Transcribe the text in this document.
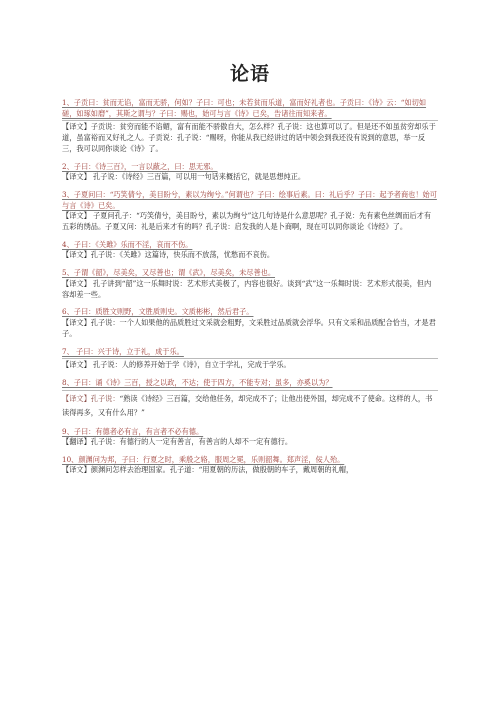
论语
1、子贡曰：贫而无谄，富而无骄，何如？子曰：可也；未若贫而乐道，富而好礼者也。子贡曰：《诗》云：“如切如磋，如琢如磨”，其斯之谓与？子曰：赐也，始可与言《诗》已矣，告诸往而知来者。
【译文】子贡说：贫穷而能不谄媚，富有而能不骄傲自大，怎么样？孔子说：这也算可以了。但是还不如虽贫穷却乐于道，虽富裕而又好礼之人。子贡说：孔子说：“赐呀，你能从我已经讲过的话中领会到我还没有说到的意思，举一反三，我可以同你谈论《诗》了。
2、子曰：《诗三百》，一言以蔽之，曰：思无邪。
【译文】 孔子说：《诗经》三百篇，可以用一句话来概括它，就是思想纯正。
3、子夏问曰：“巧笑倩兮，美目盼兮，素以为绚兮。”何谓也？子曰：绘事后素。曰：礼后乎？子曰：起予者商也！始可与言《诗》已矣。
【译文】 子夏问孔子：“巧笑倩兮，美目盼兮，素以为绚兮”这几句诗是什么意思呢？孔子说：先有素色丝绸而后才有五彩的绣品。子夏又问：礼是后来才有的吗？孔子说：启发我的人是卜商啊，现在可以同你谈论《诗经》了。
4、子曰：《关雎》乐而不淫，哀而不伤。
【译文】孔子说：《关雎》这篇诗，快乐而不放荡，忧愁而不哀伤。
5、子谓《韶》，尽美矣，又尽善也；谓《武》，尽美矣，未尽善也。
【译文】 孔子讲到“韶”这一乐舞时说：艺术形式美极了，内容也很好。谈到“武”这一乐舞时说：艺术形式很美，但内容却差一些。
6、子曰：质胜文则野，文胜质则史。文质彬彬，然后君子。
【译文】孔子说：一个人如果他的品质胜过文采就会粗野，文采胜过品质就会浮华。只有文采和品质配合恰当，才是君子。
7、 子曰：兴于诗，立于礼，成于乐。
【译文】 孔子说：人的修养开始于学《诗》，自立于学礼，完成于学乐。
8、子曰：诵《诗》三百，授之以政，不达；使于四方，不能专对；虽多，亦奚以为？
【译文】孔子说：“熟读《诗经》三百篇，交给他任务，却完成不了；让他出使外国，却完成不了使命。这样的人，书读得再多，又有什么用？”
9、子曰：有德者必有言，有言者不必有德。
【翻译】孔子说：有德行的人一定有善言，有善言的人却不一定有德行。
10、颜渊问为邦，子曰：行夏之时，乘殷之辂，服周之冕，乐则韶舞。郑声淫，佞人殆。
【译文】颜渊问怎样去治理国家。孔子道：“用夏朝的历法，做殷朝的车子，戴周朝的礼帽，
